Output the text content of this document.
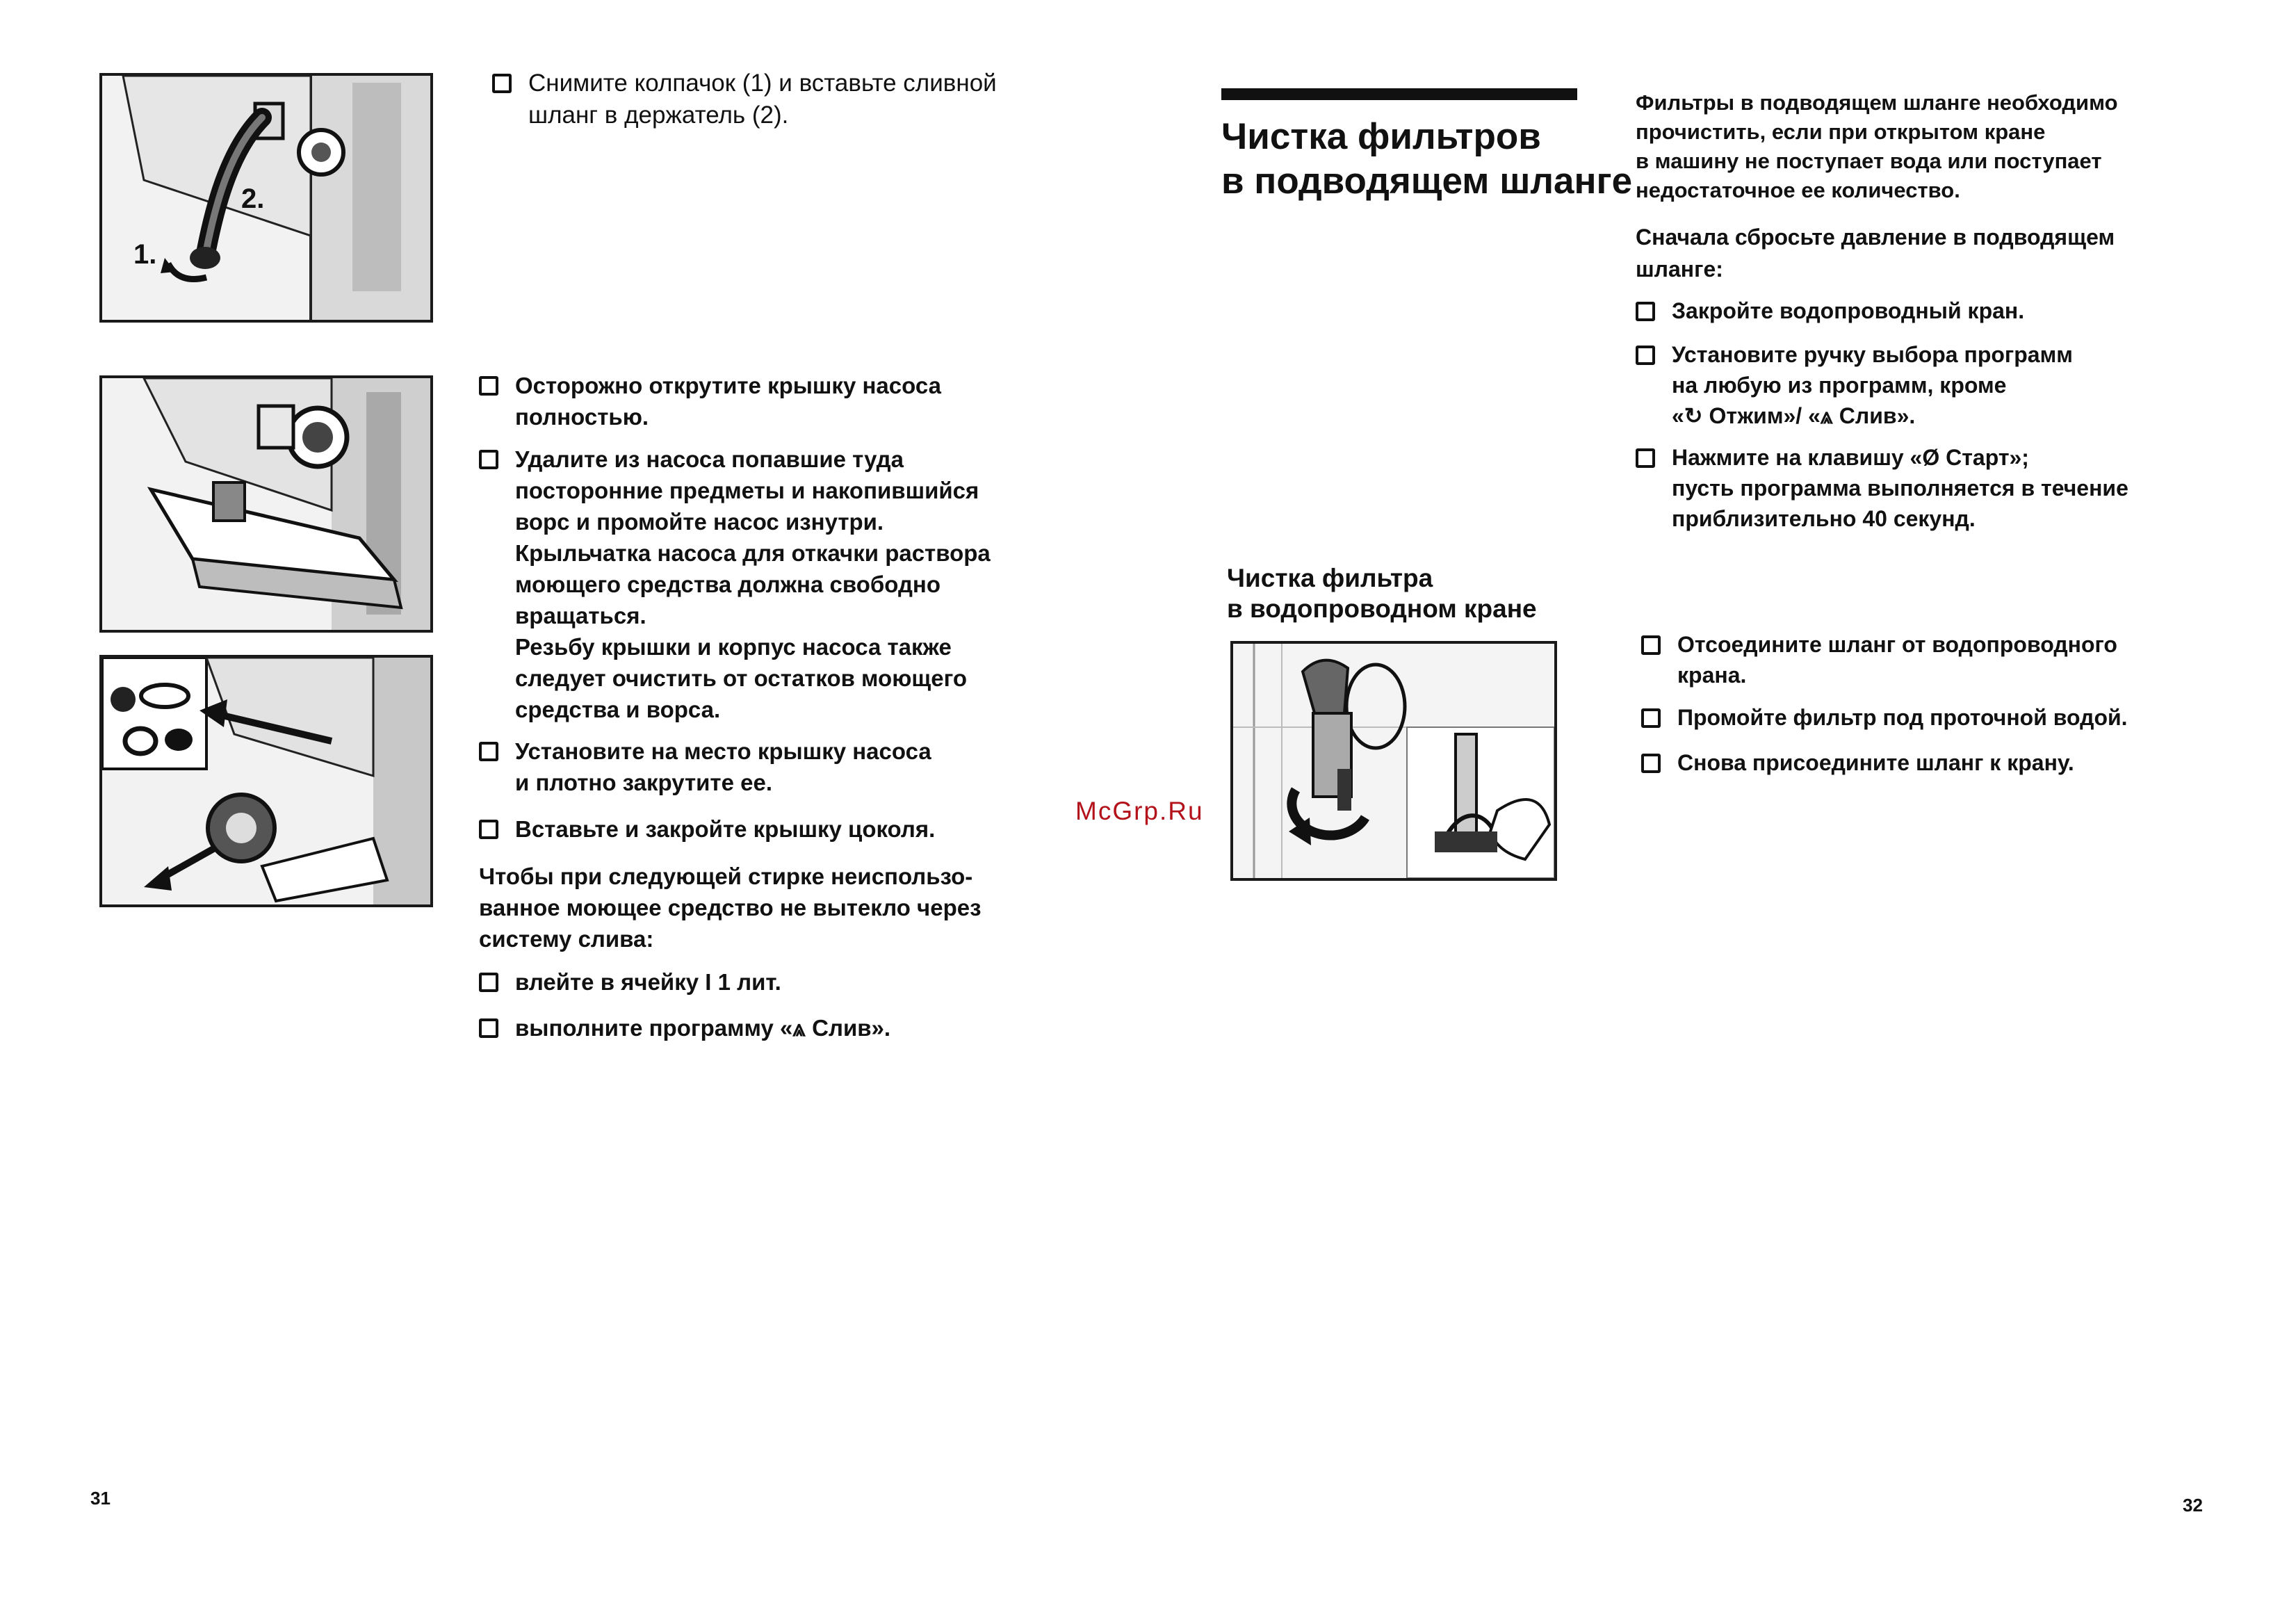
1.
2.
Снимите колпачок (1) и вставьте сливной
шланг в держатель (2).
Осторожно открутите крышку насоса
полностью.
Удалите из насоса попавшие туда
посторонние предметы и накопившийся
ворс и промойте насос изнутри.
Крыльчатка насоса для откачки раствора
моющего средства должна свободно
вращаться.
Резьбу крышки и корпус насоса также
следует очистить от остатков моющего
средства и ворса.
Установите на место крышку насоса
и плотно закрутите ее.
Вставьте и закройте крышку цоколя.
Чтобы при следующей стирке неиспользо-
ванное моющее средство не вытекло через
систему слива:
влейте в ячейку I 1 лит.
выполните программу «⩓ Слив».
31
McGrp.Ru
Чистка фильтров
в подводящем шланге
Фильтры в подводящем шланге необходимо
прочистить, если при открытом кране
в машину не поступает вода или поступает
недостаточное ее количество.
Сначала сбросьте давление в подводящем
шланге:
Закройте водопроводный кран.
Установите ручку выбора программ
на любую из программ, кроме
«↻ Отжим»/ «⩓ Слив».
Нажмите на клавишу «Ø Старт»;
пусть программа выполняется в течение
приблизительно 40 секунд.
Чистка фильтра
в водопроводном кране
Отсоедините шланг от водопроводного
крана.
Промойте фильтр под проточной водой.
Снова присоедините шланг к крану.
32
